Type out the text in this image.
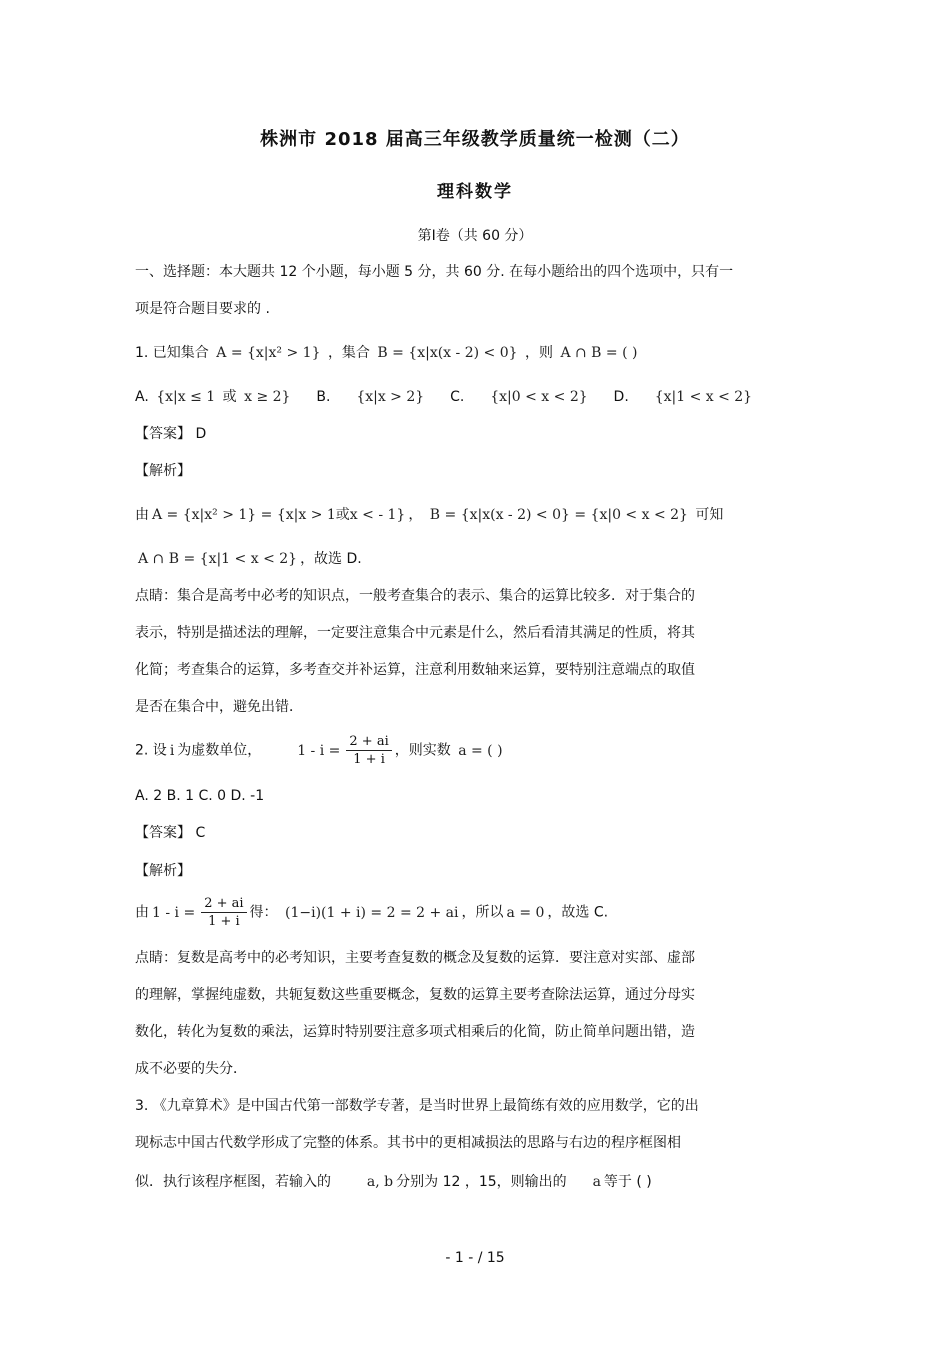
株洲市 2018 届高三年级教学质量统一检测（二）
理科数学
第Ⅰ卷（共 60 分）
一、选择题：本大题共 12 个小题，每小题 5 分，共 60 分. 在每小题给出的四个选项中，只有一
项是符合题目要求的 .
1. 已知集合 A = {x|x² > 1} ，集合 B = {x|x(x - 2) < 0} ，则 A ∩ B = ( )
A. {x|x ≤ 1 或 x ≥ 2} B. {x|x > 2} C. {x|0 < x < 2} D. {x|1 < x < 2}
【答案】 D
【解析】
由 A = {x|x² > 1} = {x|x > 1或x < - 1} ， B = {x|x(x - 2) < 0} = {x|0 < x < 2} 可知
A ∩ B = {x|1 < x < 2} ，故选 D.
点睛：集合是高考中必考的知识点，一般考查集合的表示、集合的运算比较多．对于集合的
表示，特别是描述法的理解，一定要注意集合中元素是什么，然后看清其满足的性质，将其
化简；考查集合的运算，多考查交并补运算，注意利用数轴来运算，要特别注意端点的取值
是否在集合中，避免出错．
2. 设 i 为虚数单位，	$1 - i = \frac{2 + ai}{1 + i}$ ，则实数 a = ( )
A. 2 B. 1 C. 0 D. -1
【答案】 C
【解析】
由 $1 - i = \frac{2 + ai}{1 + i}$ 得： (1−i)(1 + i) = 2 = 2 + ai ，所以 a = 0 ，故选 C.
点睛：复数是高考中的必考知识，主要考查复数的概念及复数的运算．要注意对实部、虚部
的理解，掌握纯虚数，共轭复数这些重要概念，复数的运算主要考查除法运算，通过分母实
数化，转化为复数的乘法，运算时特别要注意多项式相乘后的化简，防止简单问题出错，造
成不必要的失分．
3. 《九章算术》是中国古代第一部数学专著，是当时世界上最简练有效的应用数学，它的出
现标志中国古代数学形成了完整的体系。其书中的更相减损法的思路与右边的程序框图相
似．执行该程序框图，若输入的	a, b 分别为 12 ，15，则输出的 a 等于 ( )
- 1 - / 15
